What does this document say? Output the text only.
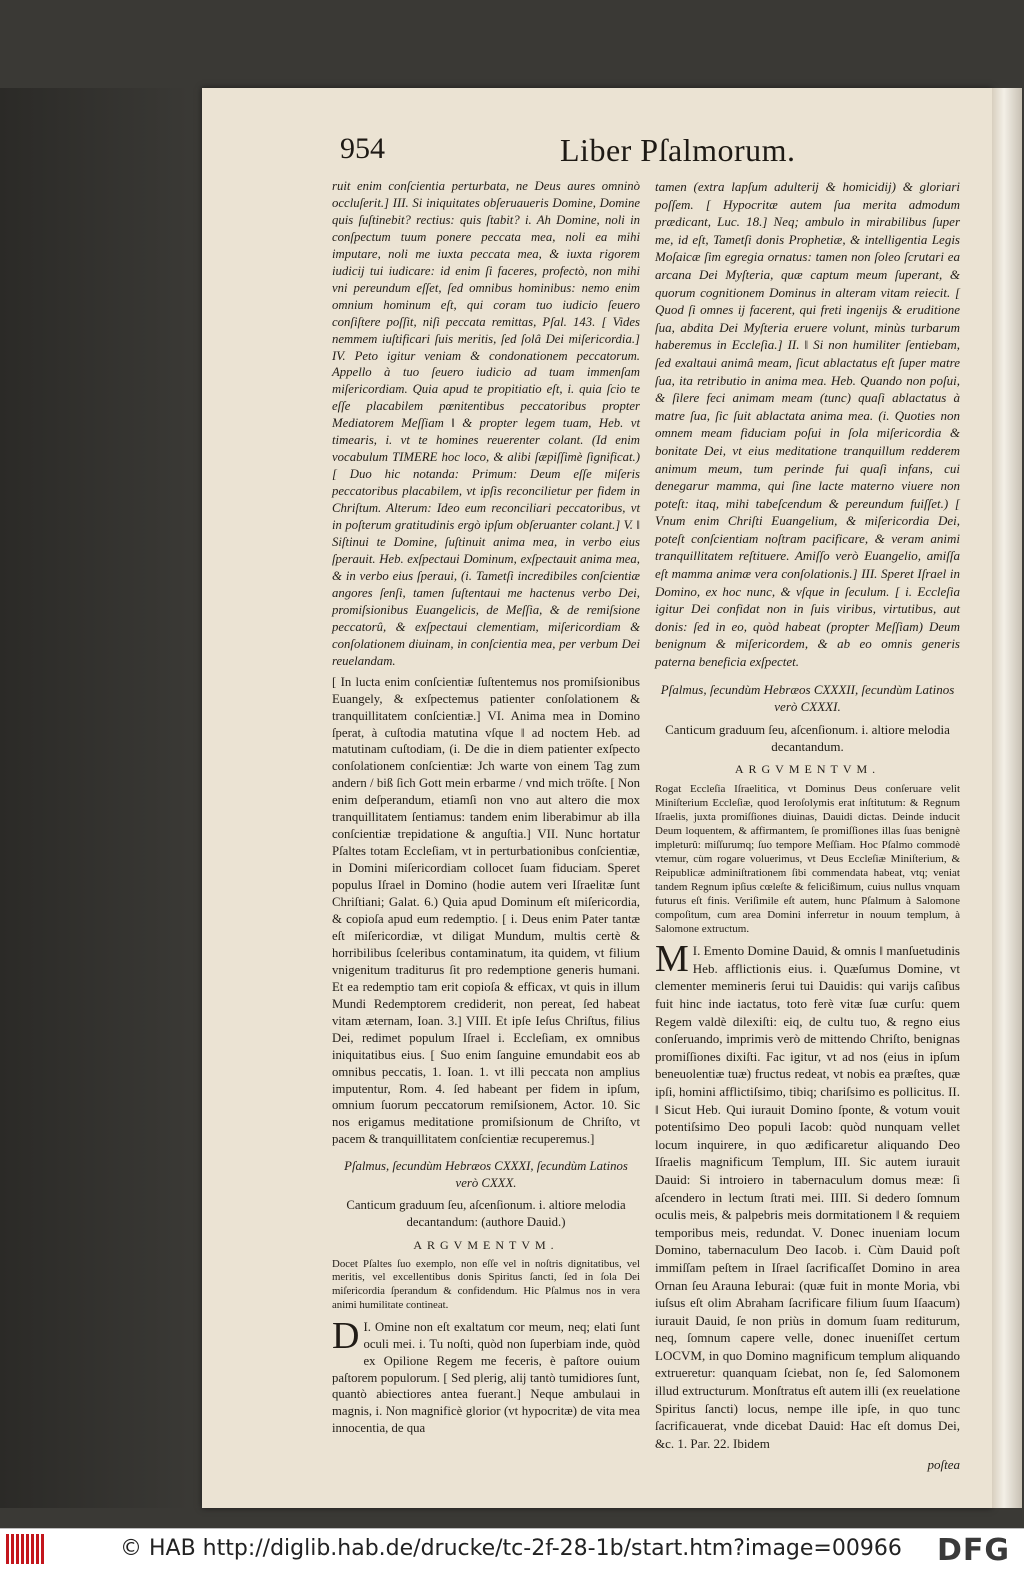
954	Liber Pſalmorum.

ruit enim conſcientia perturbata, ne Deus aures omninò occluſerit.] III. Si iniquitates obſeruaueris Domine, Domine quis ſuſtinebit? rectius: quis ſtabit? i. Ah Domine, noli in conſpectum tuum ponere peccata mea, noli ea mihi imputare, noli me iuxta peccata mea, & iuxta rigorem iudicij tui iudicare: id enim ſi faceres, profectò, non mihi vni pereundum eſſet, ſed omnibus hominibus: nemo enim omnium hominum eſt, qui coram tuo iudicio ſeuero conſiſtere poſſit, niſi peccata remittas, Pſal. 143. [ Vides nemmem iuſtificari ſuis meritis, ſed ſolâ Dei miſericordia.] IV. Peto igitur veniam & condonationem peccatorum. Appello à tuo ſeuero iudicio ad tuam immenſam miſericordiam. Quia apud te propitiatio eſt, i. quia ſcio te eſſe placabilem pœnitentibus peccatoribus propter Mediatorem Meſſiam ‖ & propter legem tuam, Heb. vt timearis, i. vt te homines reuerenter colant. (Id enim vocabulum TIMERE hoc loco, & alibi ſæpiſſimè ſignificat.) [ Duo hic notanda: Primum: Deum eſſe miſeris peccatoribus placabilem, vt ipſis reconcilietur per fidem in Chriſtum. Alterum: Ideo eum reconciliari peccatoribus, vt in poſterum gratitudinis ergò ipſum obſeruanter colant.] V. ‖ Siſtinui te Domine, ſuſtinuit anima mea, in verbo eius ſperauit. Heb. exſpectaui Dominum, exſpectauit anima mea, & in verbo eius ſperaui, (i. Tametſi incredibiles conſcientiæ angores ſenſi, tamen ſuſtentaui me hactenus verbo Dei, promiſsionibus Euangelicis, de Meſſia, & de remiſsione peccatorû, & exſpectaui clementiam, miſericordiam & conſolationem diuinam, in conſcientia mea, per verbum Dei reuelandam.

[ In lucta enim conſcientiæ ſuſtentemus nos promiſsionibus Euangely, & exſpectemus patienter conſolationem & tranquillitatem conſcientiæ.] VI. Anima mea in Domino ſperat, à cuſtodia matutina vſque ‖ ad noctem Heb. ad matutinam cuſtodiam, (i. De die in diem patienter exſpecto conſolationem conſcientiæ: Jch warte von einem Tag zum andern / biß ſich Gott mein erbarme / vnd mich tröſte. [ Non enim deſperandum, etiamſi non vno aut altero die mox tranquillitatem ſentiamus: tandem enim liberabimur ab illa conſcientiæ trepidatione & anguſtia.] VII. Nunc hortatur Pſaltes totam Eccleſiam, vt in perturbationibus conſcientiæ, in Domini miſericordiam collocet ſuam fiduciam. Speret populus Iſrael in Domino (hodie autem veri Iſraelitæ ſunt Chriſtiani; Galat. 6.) Quia apud Dominum eſt miſericordia, & copioſa apud eum redemptio. [ i. Deus enim Pater tantæ eſt miſericordiæ, vt diligat Mundum, multis certè & horribilibus ſceleribus contaminatum, ita quidem, vt filium vnigenitum traditurus ſit pro redemptione generis humani. Et ea redemptio tam erit copioſa & efficax, vt quis in illum Mundi Redemptorem crediderit, non pereat, ſed habeat vitam æternam, Ioan. 3.] VIII. Et ipſe Ieſus Chriſtus, filius Dei, redimet populum Iſrael i. Eccleſiam, ex omnibus iniquitatibus eius. [ Suo enim ſanguine emundabit eos ab omnibus peccatis, 1. Ioan. 1. vt illi peccata non amplius imputentur, Rom. 4. ſed habeant per fidem in ipſum, omnium ſuorum peccatorum remiſsionem, Actor. 10. Sic nos erigamus meditatione promiſsionum de Chriſto, vt pacem & tranquillitatem conſcientiæ recuperemus.]

Pſalmus, ſecundùm Hebræos CXXXI, ſecundùm Latinos verò CXXX.
Canticum graduum ſeu, aſcenſionum. i. altiore melodia decantandum: (authore Dauid.)
ARGVMENTVM.
Docet Pſaltes ſuo exemplo, non eſſe vel in noſtris dignitatibus, vel meritis, vel excellentibus donis Spiritus ſancti, ſed in ſola Dei miſericordia ſperandum & confidendum. Hic Pſalmus nos in vera animi humilitate contineat.

D I. Omine non eſt exaltatum cor meum, neq; elati ſunt oculi mei. i. Tu noſti, quòd non ſuperbiam inde, quòd ex Opilione Regem me feceris, è paſtore ouium paſtorem populorum. [ Sed plerig, alij tantò tumidiores ſunt, quantò abiectiores antea fuerant.] Neque ambulaui in magnis, i. Non magnificè glorior (vt hypocritæ) de vita mea innocentia, de qua

tamen (extra lapſum adulterij & homicidij) & gloriari poſſem. [ Hypocritæ autem ſua merita admodum prædicant, Luc. 18.] Neq; ambulo in mirabilibus ſuper me, id eſt, Tametſi donis Prophetiæ, & intelligentia Legis Moſaicæ ſim egregia ornatus: tamen non ſoleo ſcrutari ea arcana Dei Myſteria, quæ captum meum ſuperant, & quorum cognitionem Dominus in alteram vitam reiecit. [ Quod ſi omnes ij facerent, qui freti ingenijs & eruditione ſua, abdita Dei Myſteria eruere volunt, minùs turbarum haberemus in Eccleſia.] II. ‖ Si non humiliter ſentiebam, ſed exaltaui animâ meam, ſicut ablactatus eſt ſuper matre ſua, ita retributio in anima mea. Heb. Quando non poſui, & ſilere feci animam meam (tunc) quaſi ablactatus à matre ſua, ſic ſuit ablactata anima mea. (i. Quoties non omnem meam fiduciam poſui in ſola miſericordia & bonitate Dei, vt eius meditatione tranquillum redderem animum meum, tum perinde fui quaſi infans, cui denegarur mamma, qui ſine lacte materno viuere non poteſt: itaq, mihi tabeſcendum & pereundum fuiſſet.) [ Vnum enim Chriſti Euangelium, & miſericordia Dei, poteſt conſcientiam noſtram pacificare, & veram animi tranquillitatem reſtituere. Amiſſo verò Euangelio, amiſſa eſt mamma animæ vera conſolationis.] III. Speret Iſrael in Domino, ex hoc nunc, & vſque in ſeculum. [ i. Eccleſia igitur Dei confidat non in ſuis viribus, virtutibus, aut donis: ſed in eo, quòd habeat (propter Meſſiam) Deum benignum & miſericordem, & ab eo omnis generis paterna beneficia exſpectet.

Pſalmus, ſecundùm Hebræos CXXXII, ſecundùm Latinos verò CXXXI.
Canticum graduum ſeu, aſcenſionum. i. altiore melodia decantandum.
ARGVMENTVM.
Rogat Eccleſia Iſraelitica, vt Dominus Deus conſeruare velit Miniſterium Eccleſiæ, quod Ieroſolymis erat inſtitutum: & Regnum Iſraelis, juxta promiſſiones diuinas, Dauidi dictas. Deinde inducit Deum loquentem, & affirmantem, ſe promiſſiones illas ſuas benignè impleturû: miſſurumq; ſuo tempore Meſſiam. Hoc Pſalmo commodè vtemur, cùm rogare voluerimus, vt Deus Eccleſiæ Miniſterium, & Reipublicæ adminiſtrationem ſibi commendata habeat, vtq; veniat tandem Regnum ipſius cœleſte & felicißimum, cuius nullus vnquam futurus eſt finis. Veriſimile eſt autem, hunc Pſalmum à Salomone compoſitum, cum area Domini inferretur in nouum templum, à Salomone extructum.

M I. Emento Domine Dauid, & omnis ‖ manſuetudinis Heb. afflictionis eius. i. Quæſumus Domine, vt clementer memineris ſerui tui Dauidis: qui varijs caſibus fuit hinc inde iactatus, toto ferè vitæ ſuæ curſu: quem Regem valdè dilexiſti: eiq, de cultu tuo, & regno eius conſeruando, imprimis verò de mittendo Chriſto, benignas promiſſiones dixiſti. Fac igitur, vt ad nos (eius in ipſum beneuolentiæ tuæ) fructus redeat, vt nobis ea præſtes, quæ ipſi, homini afflictiſsimo, tibiq; chariſsimo es pollicitus. II. ‖ Sicut Heb. Qui iurauit Domino ſponte, & votum vouit potentiſsimo Deo populi Iacob: quòd nunquam vellet locum inquirere, in quo ædificaretur aliquando Deo Iſraelis magnificum Templum, III. Sic autem iurauit Dauid: Si introiero in tabernaculum domus meæ: ſi aſcendero in lectum ſtrati mei. IIII. Si dedero ſomnum oculis meis, & palpebris meis dormitationem ‖ & requiem temporibus meis, redundat. V. Donec inueniam locum Domino, tabernaculum Deo Iacob. i. Cùm Dauid poſt immiſſam peſtem in Iſrael ſacrificaſſet Domino in area Ornan ſeu Arauna Ieburai: (quæ fuit in monte Moria, vbi iuſsus eſt olim Abraham ſacrificare filium ſuum Iſaacum) iurauit Dauid, ſe non priùs in domum ſuam rediturum, neq, ſomnum capere velle, donec inueniſſet certum LOCVM, in quo Domino magnificum templum aliquando extrueretur: quanquam ſciebat, non ſe, ſed Salomonem illud extructurum. Monſtratus eſt autem illi (ex reuelatione Spiritus ſancti) locus, nempe ille ipſe, in quo tunc ſacrificauerat, vnde dicebat Dauid: Hac eſt domus Dei, &c. 1. Par. 22. Ibidem

poſtea
© HAB http://diglib.hab.de/drucke/tc-2f-28-1b/start.htm?image=00966 DFG
